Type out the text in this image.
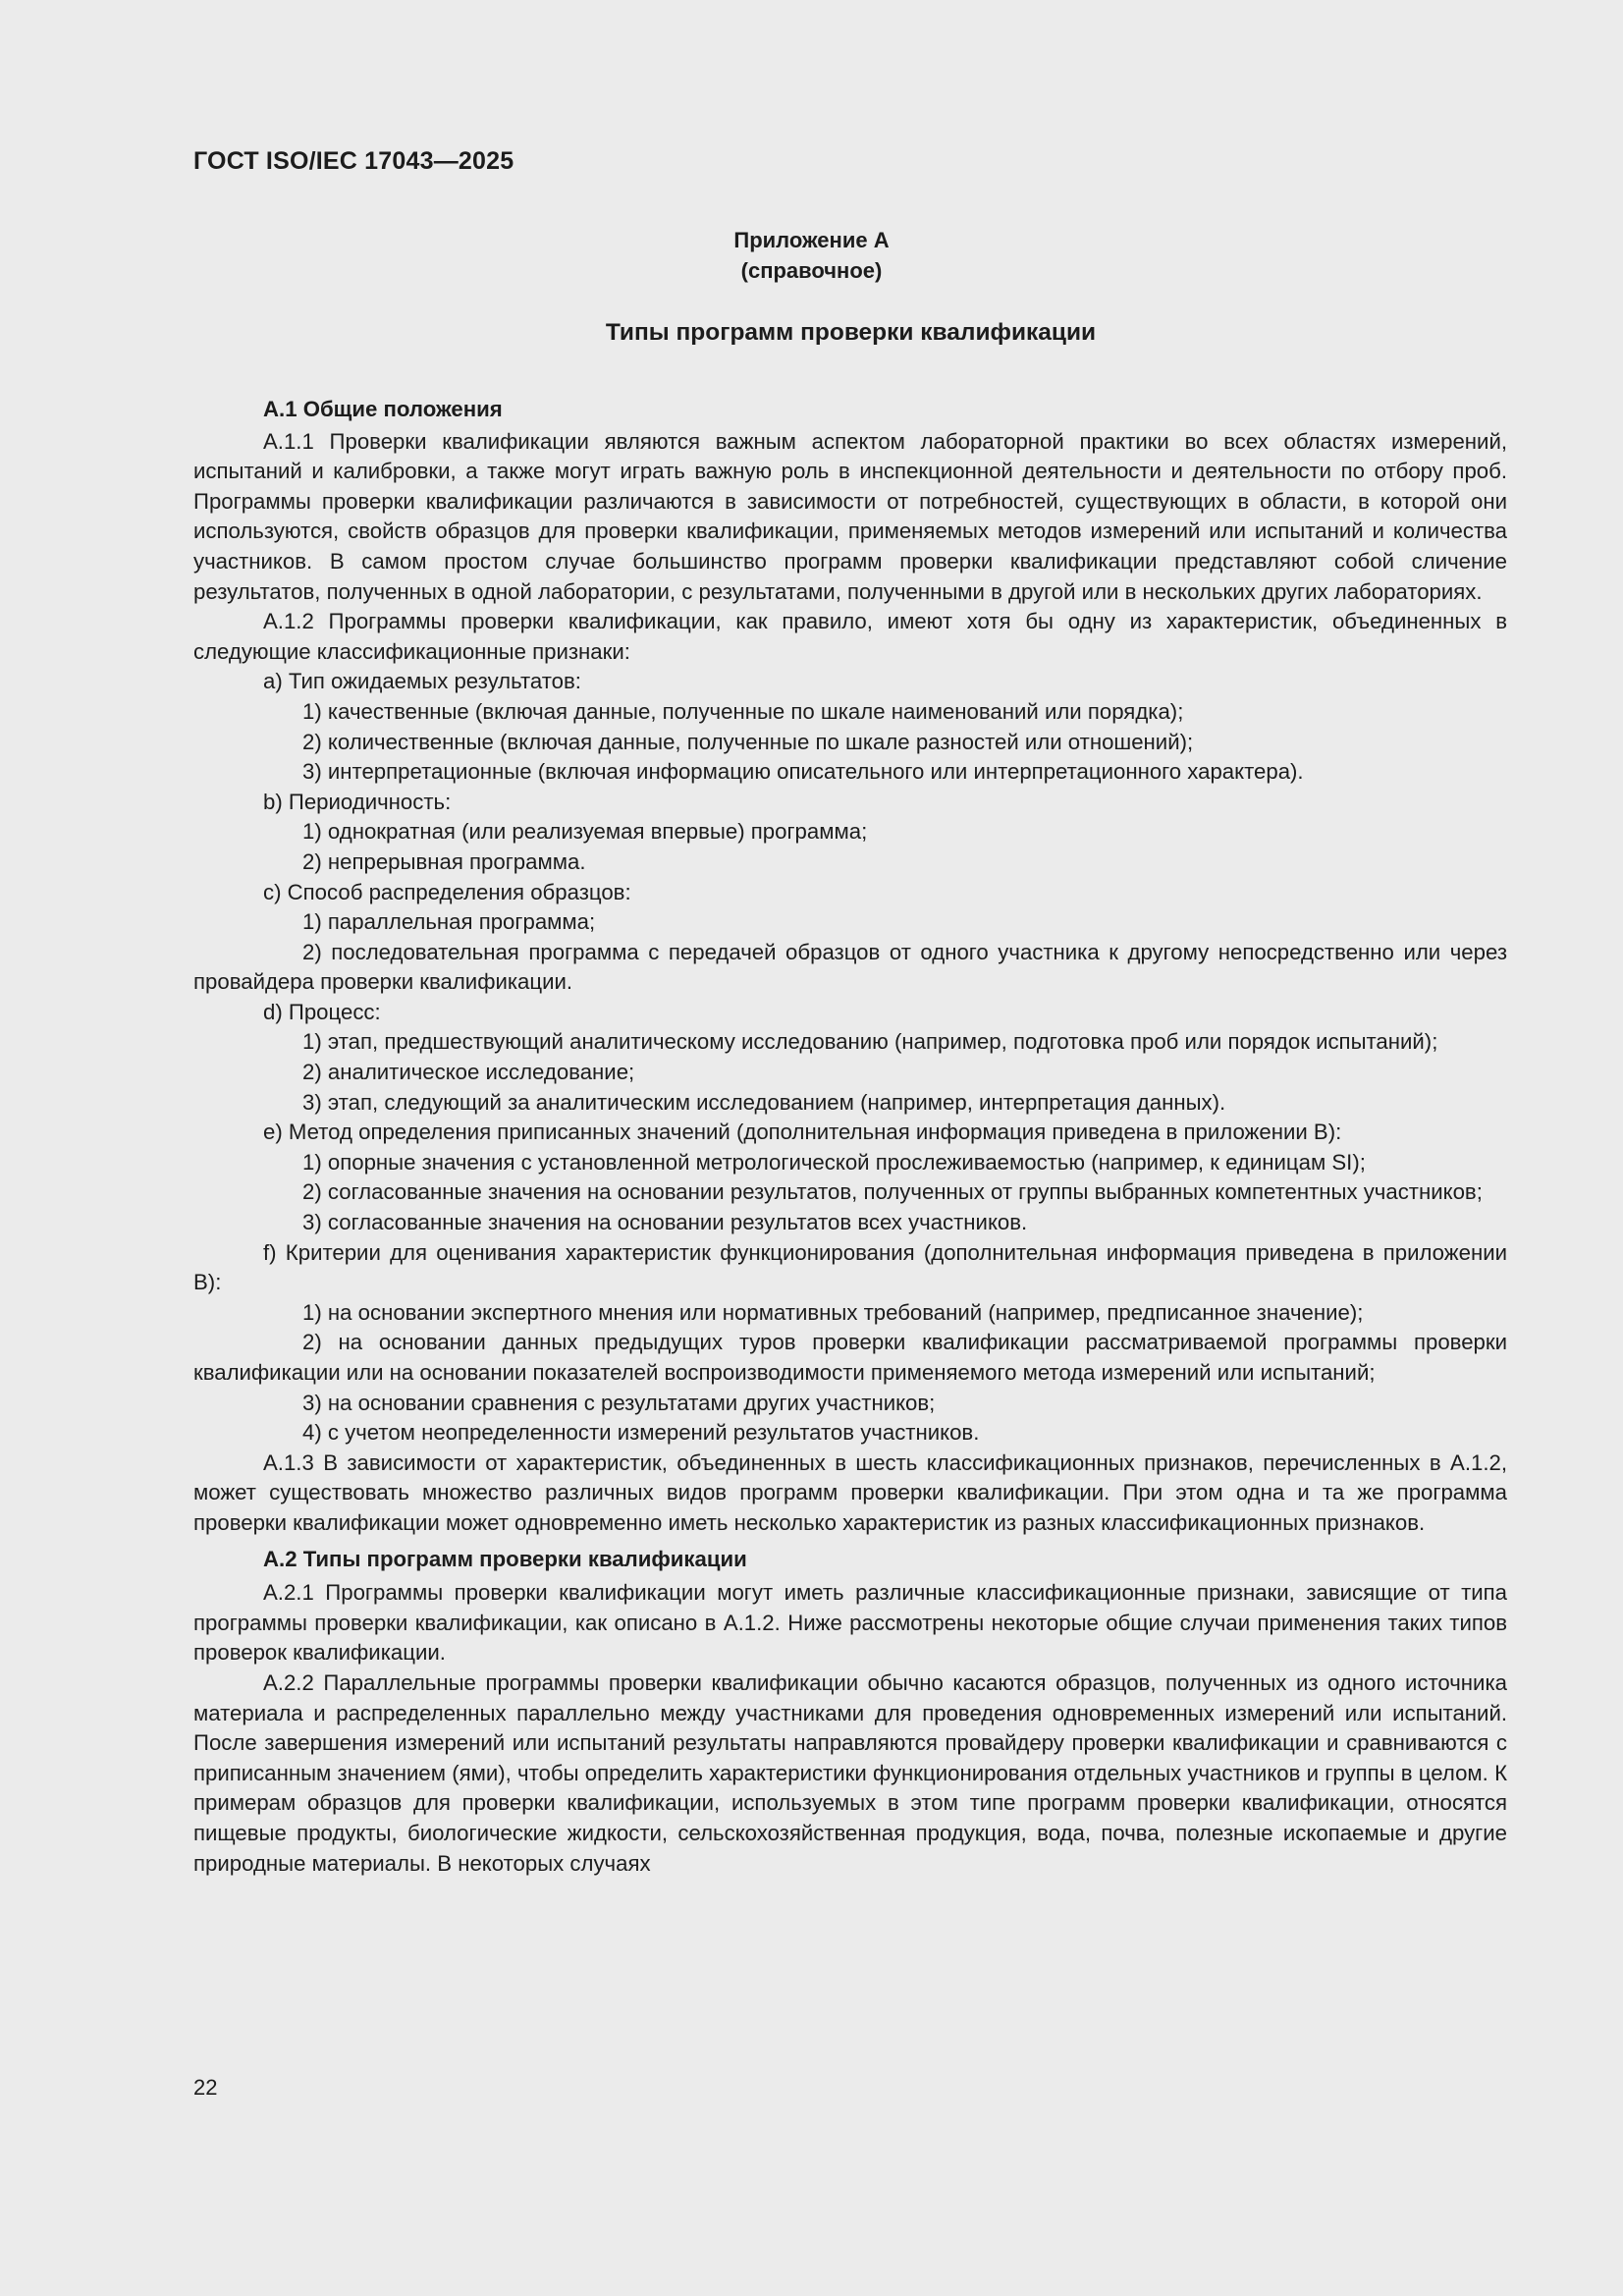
ГОСТ ISO/IEC 17043—2025
Приложение А
(справочное)
Типы программ проверки квалификации

А.1 Общие положения

А.1.1 Проверки квалификации являются важным аспектом лабораторной практики во всех областях измерений, испытаний и калибровки, а также могут играть важную роль в инспекционной деятельности и деятельности по отбору проб. Программы проверки квалификации различаются в зависимости от потребностей, существующих в области, в которой они используются, свойств образцов для проверки квалификации, применяемых методов измерений или испытаний и количества участников. В самом простом случае большинство программ проверки квалификации представляют собой сличение результатов, полученных в одной лаборатории, с результатами, полученными в другой или в нескольких других лабораториях.

А.1.2 Программы проверки квалификации, как правило, имеют хотя бы одну из характеристик, объединенных в следующие классификационные признаки:

a) Тип ожидаемых результатов:

1) качественные (включая данные, полученные по шкале наименований или порядка);

2) количественные (включая данные, полученные по шкале разностей или отношений);

3) интерпретационные (включая информацию описательного или интерпретационного характера).

b) Периодичность:

1) однократная (или реализуемая впервые) программа;

2) непрерывная программа.

c) Способ распределения образцов:

1) параллельная программа;

2) последовательная программа с передачей образцов от одного участника к другому непосредственно или через провайдера проверки квалификации.

d) Процесс:

1) этап, предшествующий аналитическому исследованию (например, подготовка проб или порядок испытаний);

2) аналитическое исследование;

3) этап, следующий за аналитическим исследованием (например, интерпретация данных).

e) Метод определения приписанных значений (дополнительная информация приведена в приложении В):

1) опорные значения с установленной метрологической прослеживаемостью (например, к единицам SI);

2) согласованные значения на основании результатов, полученных от группы выбранных компетентных участников;

3) согласованные значения на основании результатов всех участников.

f) Критерии для оценивания характеристик функционирования (дополнительная информация приведена в приложении В):

1) на основании экспертного мнения или нормативных требований (например, предписанное значение);

2) на основании данных предыдущих туров проверки квалификации рассматриваемой программы проверки квалификации или на основании показателей воспроизводимости применяемого метода измерений или испытаний;

3) на основании сравнения с результатами других участников;

4) с учетом неопределенности измерений результатов участников.

А.1.3 В зависимости от характеристик, объединенных в шесть классификационных признаков, перечисленных в А.1.2, может существовать множество различных видов программ проверки квалификации. При этом одна и та же программа проверки квалификации может одновременно иметь несколько характеристик из разных классификационных признаков.

А.2 Типы программ проверки квалификации

А.2.1 Программы проверки квалификации могут иметь различные классификационные признаки, зависящие от типа программы проверки квалификации, как описано в А.1.2. Ниже рассмотрены некоторые общие случаи применения таких типов проверок квалификации.

А.2.2 Параллельные программы проверки квалификации обычно касаются образцов, полученных из одного источника материала и распределенных параллельно между участниками для проведения одновременных измерений или испытаний. После завершения измерений или испытаний результаты направляются провайдеру проверки квалификации и сравниваются с приписанным значением (ями), чтобы определить характеристики функционирования отдельных участников и группы в целом. К примерам образцов для проверки квалификации, используемых в этом типе программ проверки квалификации, относятся пищевые продукты, биологические жидкости, сельскохозяйственная продукция, вода, почва, полезные ископаемые и другие природные материалы. В некоторых случаях

22
